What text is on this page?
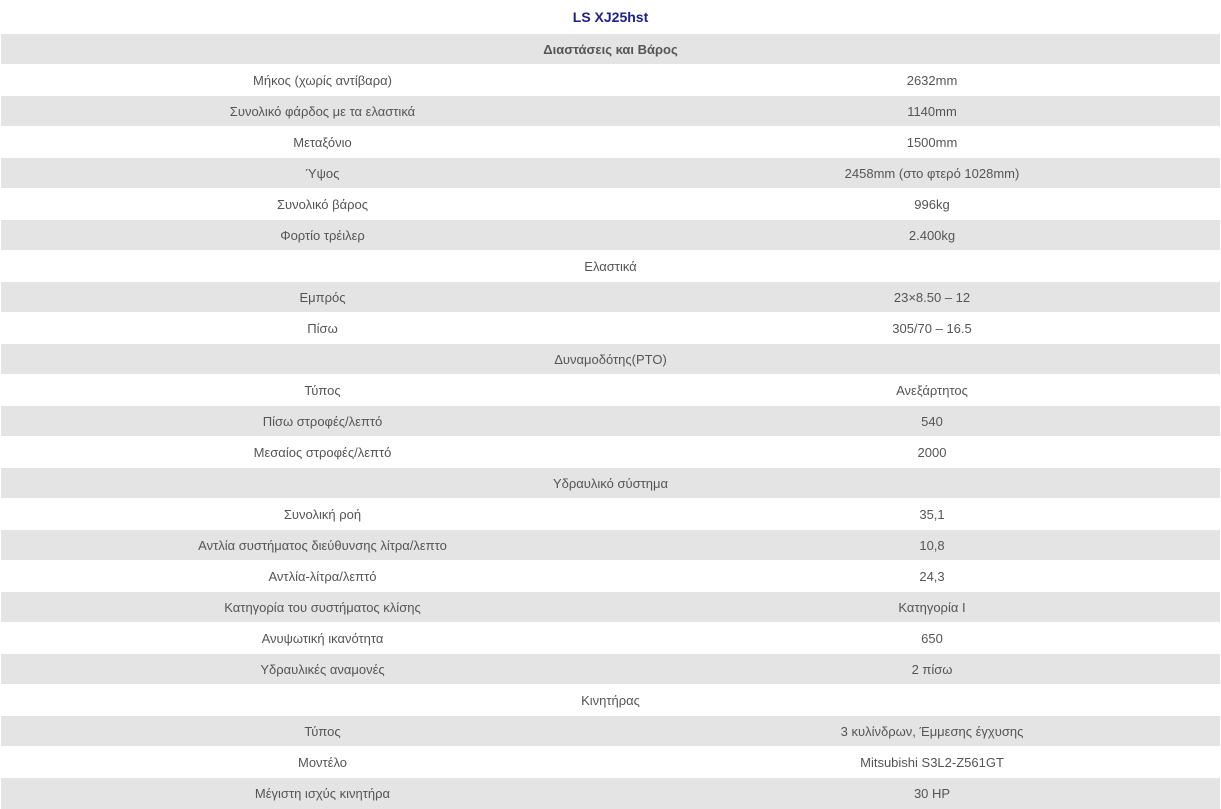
LS XJ25hst	
Διαστάσεις και Βάρος	
Μήκος (χωρίς αντίβαρα)	2632mm
Συνολικό φάρδος με τα ελαστικά	1140mm
Μεταξόνιο	1500mm
Ύψος	2458mm (στο φτερό 1028mm)
Συνολικό βάρος	996kg
Φορτίο τρέιλερ	2.400kg
Ελαστικά	
Εμπρός	23×8.50 – 12
Πίσω	305/70 – 16.5
Δυναμοδότης(PTO)	
Τύπος	Ανεξάρτητος
Πίσω στροφές/λεπτό	540
Μεσαίος στροφές/λεπτό	2000
Υδραυλικό σύστημα	
Συνολική ροή	35,1
Αντλία συστήματος διεύθυνσης λίτρα/λεπτο	10,8
Αντλία-λίτρα/λεπτό	24,3
Κατηγορία του συστήματος κλίσης	Κατηγορία I
Ανυψωτική ικανότητα	650
Υδραυλικές αναμονές	2 πίσω
Κινητήρας	
Τύπος	3 κυλίνδρων, Έμμεσης έγχυσης
Μοντέλο	Mitsubishi S3L2-Z561GT
Μέγιστη ισχύς κινητήρα	30 HP
